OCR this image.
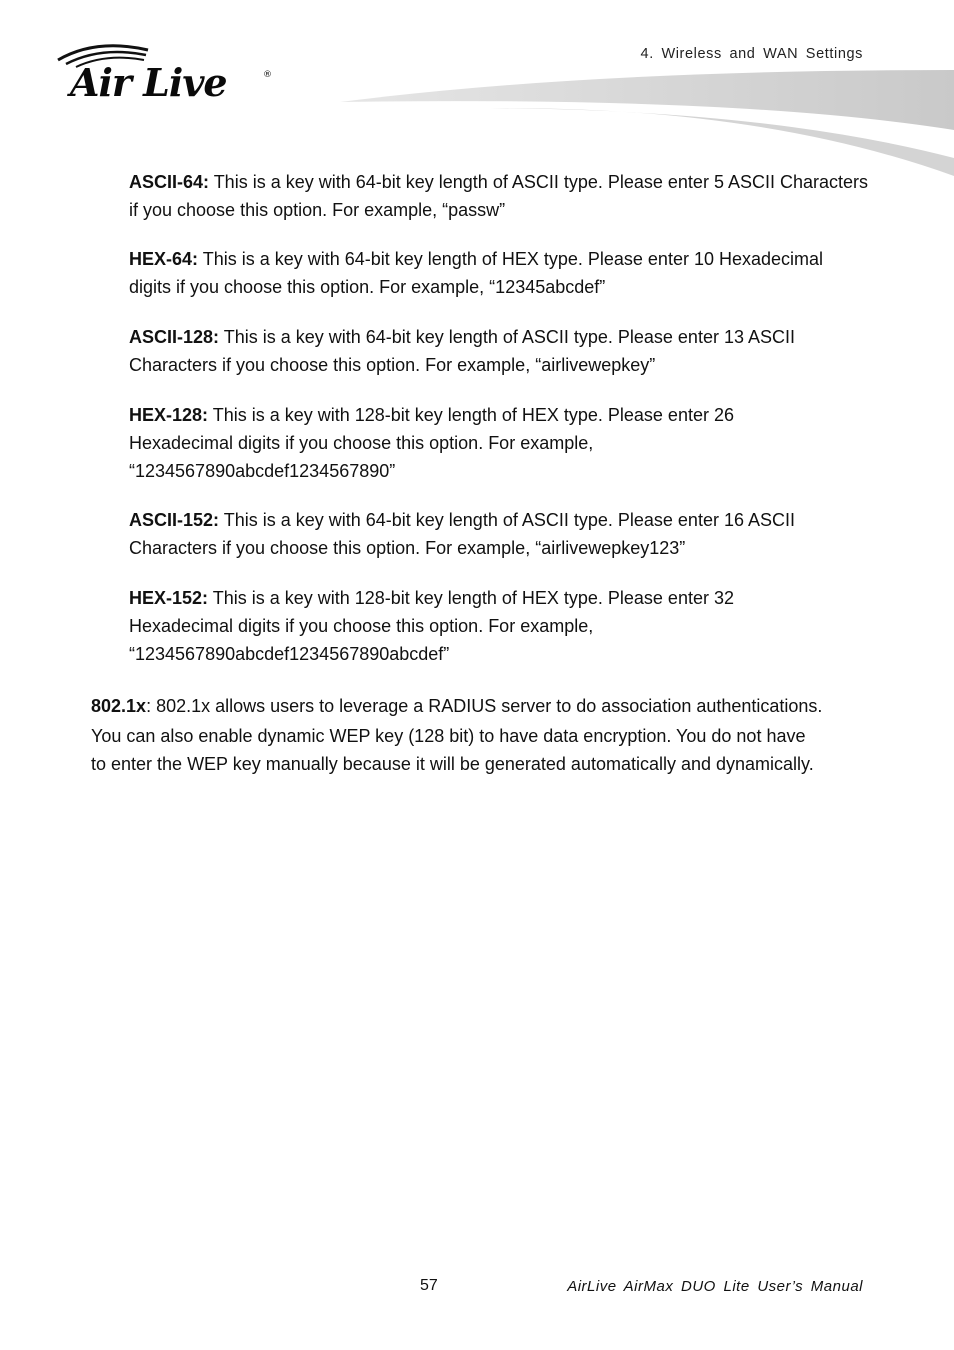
4. Wireless and WAN Settings
Air Live	®
ASCII-64: This is a key with 64-bit key length of ASCII type. Please enter 5 ASCII Characters if you choose this option. For example, “passw”
HEX-64: This is a key with 64-bit key length of HEX type. Please enter 10 Hexadecimal digits if you choose this option. For example, “12345abcdef”
ASCII-128: This is a key with 64-bit key length of ASCII type. Please enter 13 ASCII Characters if you choose this option. For example, “airlivewepkey”
HEX-128: This is a key with 128-bit key length of HEX type. Please enter 26 Hexadecimal digits if you choose this option. For example, “1234567890abcdef1234567890”
ASCII-152: This is a key with 64-bit key length of ASCII type. Please enter 16 ASCII Characters if you choose this option. For example, “airlivewepkey123”
HEX-152: This is a key with 128-bit key length of HEX type. Please enter 32 Hexadecimal digits if you choose this option. For example, “1234567890abcdef1234567890abcdef”
802.1x: 802.1x allows users to leverage a RADIUS server to do association authentications.
You can also enable dynamic WEP key (128 bit) to have data encryption. You do not have
to enter the WEP key manually because it will be generated automatically and dynamically.
57	AirLive AirMax DUO Lite User’s Manual
